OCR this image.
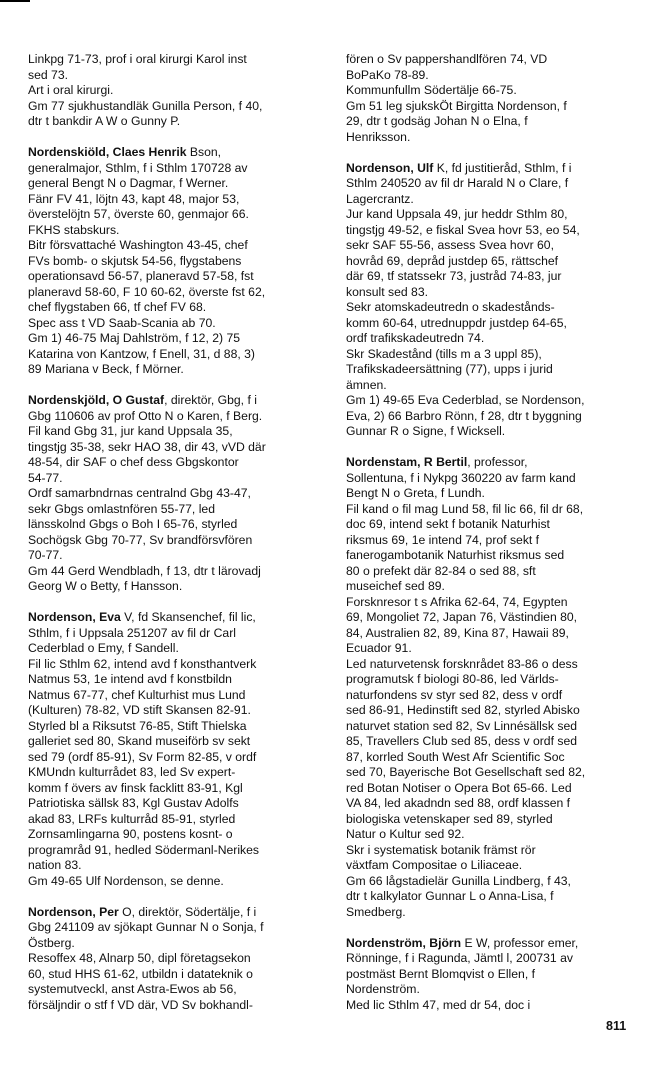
Linkpg 71-73, prof i oral kirurgi Karol inst
sed 73.
Art i oral kirurgi.
Gm 77 sjukhustandläk Gunilla Person, f 40,
dtr t bankdir A W o Gunny P.
Nordenskiöld, Claes Henrik Bson,
generalmajor, Sthlm, f i Sthlm 170728 av
general Bengt N o Dagmar, f Werner.
Fänr FV 41, löjtn 43, kapt 48, major 53,
överstelöjtn 57, överste 60, genmajor 66.
FKHS stabskurs.
Bitr försvattaché Washington 43-45, chef
FVs bomb- o skjutsk 54-56, flygstabens
operationsavd 56-57, planeravd 57-58, fst
planeravd 58-60, F 10 60-62, överste fst 62,
chef flygstaben 66, tf chef FV 68.
Spec ass t VD Saab-Scania ab 70.
Gm 1) 46-75 Maj Dahlström, f 12, 2) 75
Katarina von Kantzow, f Enell, 31, d 88, 3)
89 Mariana v Beck, f Mörner.
Nordenskjöld, O Gustaf, direktör, Gbg, f i
Gbg 110606 av prof Otto N o Karen, f Berg.
Fil kand Gbg 31, jur kand Uppsala 35,
tingstjg 35-38, sekr HAO 38, dir 43, vVD där
48-54, dir SAF o chef dess Gbgskontor
54-77.
Ordf samarbndrnas centralnd Gbg 43-47,
sekr Gbgs omlastnfören 55-77, led
länsskolnd Gbgs o Boh I 65-76, styrled
Sochögsk Gbg 70-77, Sv brandförsvfören
70-77.
Gm 44 Gerd Wendbladh, f 13, dtr t lärovadj
Georg W o Betty, f Hansson.
Nordenson, Eva V, fd Skansenchef, fil lic,
Sthlm, f i Uppsala 251207 av fil dr Carl
Cederblad o Emy, f Sandell.
Fil lic Sthlm 62, intend avd f konsthantverk
Natmus 53, 1e intend avd f konstbildn
Natmus 67-77, chef Kulturhist mus Lund
(Kulturen) 78-82, VD stift Skansen 82-91.
Styrled bl a Riksutst 76-85, Stift Thielska
galleriet sed 80, Skand museiförb sv sekt
sed 79 (ordf 85-91), Sv Form 82-85, v ordf
KMUndn kulturrådet 83, led Sv expert-
komm f övers av finsk facklitt 83-91, Kgl
Patriotiska sällsk 83, Kgl Gustav Adolfs
akad 83, LRFs kulturråd 85-91, styrled
Zornsamlingarna 90, postens kosnt- o
programråd 91, hedled Södermanl-Nerikes
nation 83.
Gm 49-65 Ulf Nordenson, se denne.
Nordenson, Per O, direktör, Södertälje, f i
Gbg 241109 av sjökapt Gunnar N o Sonja, f
Östberg.
Resoffex 48, Alnarp 50, dipl företagsekon
60, stud HHS 61-62, utbildn i datateknik o
systemutveckl, anst Astra-Ewos ab 56,
försäljndir o stf f VD där, VD Sv bokhandl-
fören o Sv pappershandlfören 74, VD
BoPaKo 78-89.
Kommunfullm Södertälje 66-75.
Gm 51 leg sjukskÖt Birgitta Nordenson, f
29, dtr t godsäg Johan N o Elna, f
Henriksson.
Nordenson, Ulf K, fd justitieråd, Sthlm, f i
Sthlm 240520 av fil dr Harald N o Clare, f
Lagercrantz.
Jur kand Uppsala 49, jur heddr Sthlm 80,
tingstjg 49-52, e fiskal Svea hovr 53, eo 54,
sekr SAF 55-56, assess Svea hovr 60,
hovråd 69, depråd justdep 65, rättschef
där 69, tf statssekr 73, justråd 74-83, jur
konsult sed 83.
Sekr atomskadeutredn o skadestånds-
komm 60-64, utrednuppdr justdep 64-65,
ordf trafikskadeutredn 74.
Skr Skadestånd (tills m a 3 uppl 85),
Trafikskadeersättning (77), upps i jurid
ämnen.
Gm 1) 49-65 Eva Cederblad, se Nordenson,
Eva, 2) 66 Barbro Rönn, f 28, dtr t byggning
Gunnar R o Signe, f Wicksell.
Nordenstam, R Bertil, professor,
Sollentuna, f i Nykpg 360220 av farm kand
Bengt N o Greta, f Lundh.
Fil kand o fil mag Lund 58, fil lic 66, fil dr 68,
doc 69, intend sekt f botanik Naturhist
riksmus 69, 1e intend 74, prof sekt f
fanerogambotanik Naturhist riksmus sed
80 o prefekt där 82-84 o sed 88, sft
museichef sed 89.
Forsknresor t s Afrika 62-64, 74, Egypten
69, Mongoliet 72, Japan 76, Västindien 80,
84, Australien 82, 89, Kina 87, Hawaii 89,
Ecuador 91.
Led naturvetensk forsknrådet 83-86 o dess
programutsk f biologi 80-86, led Världs-
naturfondens sv styr sed 82, dess v ordf
sed 86-91, Hedinstift sed 82, styrled Abisko
naturvet station sed 82, Sv Linnésällsk sed
85, Travellers Club sed 85, dess v ordf sed
87, korrled South West Afr Scientific Soc
sed 70, Bayerische Bot Gesellschaft sed 82,
red Botan Notiser o Opera Bot 65-66. Led
VA 84, led akadndn sed 88, ordf klassen f
biologiska vetenskaper sed 89, styrled
Natur o Kultur sed 92.
Skr i systematisk botanik främst rör
växtfam Compositae o Liliaceae.
Gm 66 lågstadielär Gunilla Lindberg, f 43,
dtr t kalkylator Gunnar L o Anna-Lisa, f
Smedberg.
Nordenström, Björn E W, professor emer,
Rönninge, f i Ragunda, Jämtl l, 200731 av
postmäst Bernt Blomqvist o Ellen, f
Nordenström.
Med lic Sthlm 47, med dr 54, doc i
811
